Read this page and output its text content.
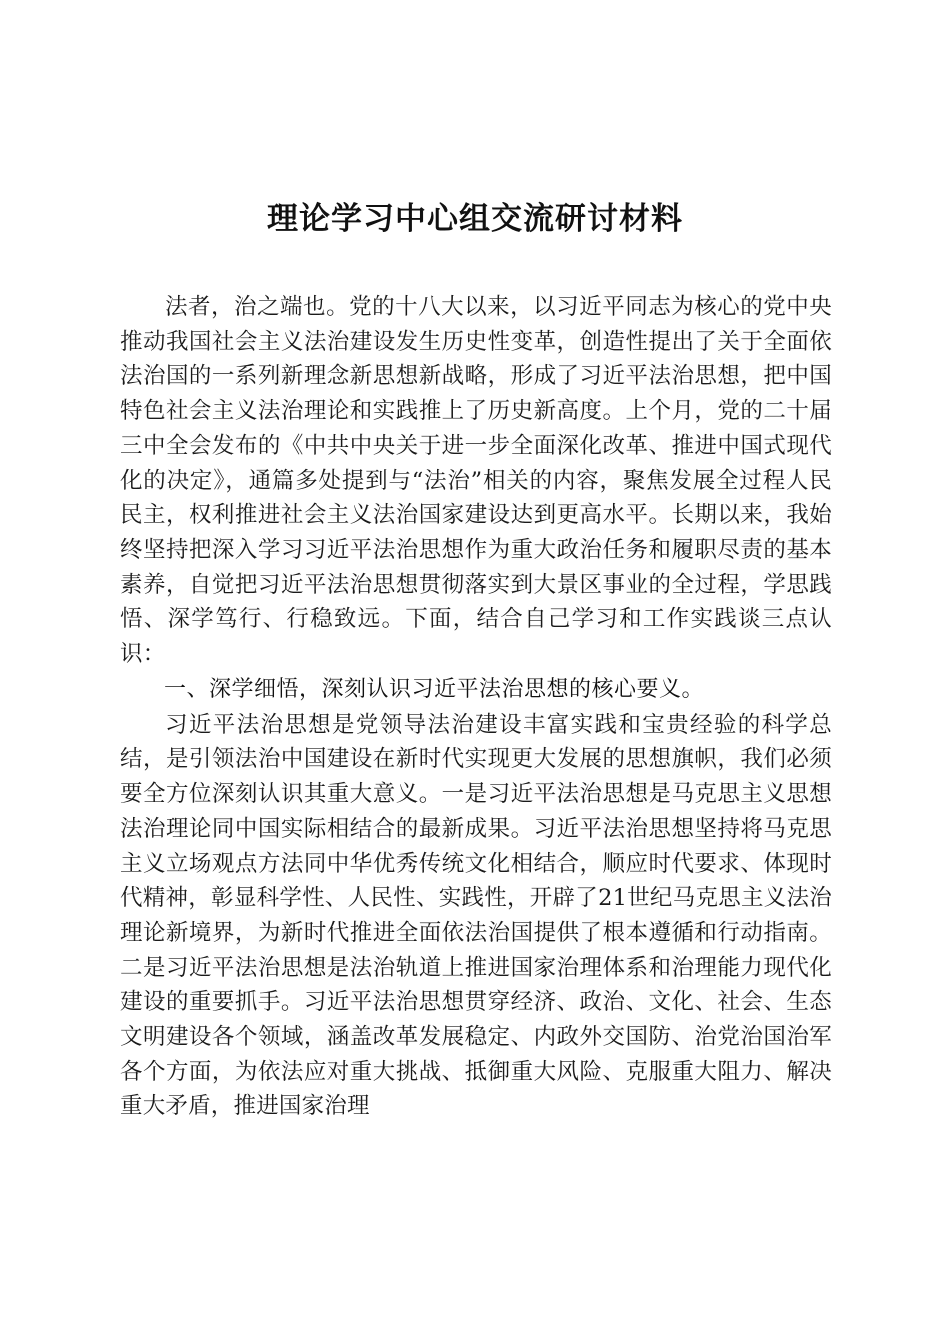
理论学习中心组交流研讨材料

法者，治之端也。党的十八大以来，以习近平同志为核心的党中央推动我国社会主义法治建设发生历史性变革，创造性提出了关于全面依法治国的一系列新理念新思想新战略，形成了习近平法治思想，把中国特色社会主义法治理论和实践推上了历史新高度。上个月，党的二十届三中全会发布的《中共中央关于进一步全面深化改革、推进中国式现代化的决定》，通篇多处提到与“法治”相关的内容，聚焦发展全过程人民民主，权利推进社会主义法治国家建设达到更高水平。长期以来，我始终坚持把深入学习习近平法治思想作为重大政治任务和履职尽责的基本素养，自觉把习近平法治思想贯彻落实到大景区事业的全过程，学思践悟、深学笃行、行稳致远。下面，结合自己学习和工作实践谈三点认识：

一、深学细悟，深刻认识习近平法治思想的核心要义。

习近平法治思想是党领导法治建设丰富实践和宝贵经验的科学总结，是引领法治中国建设在新时代实现更大发展的思想旗帜，我们必须要全方位深刻认识其重大意义。一是习近平法治思想是马克思主义思想法治理论同中国实际相结合的最新成果。习近平法治思想坚持将马克思主义立场观点方法同中华优秀传统文化相结合，顺应时代要求、体现时代精神，彰显科学性、人民性、实践性，开辟了21世纪马克思主义法治理论新境界，为新时代推进全面依法治国提供了根本遵循和行动指南。二是习近平法治思想是法治轨道上推进国家治理体系和治理能力现代化建设的重要抓手。习近平法治思想贯穿经济、政治、文化、社会、生态文明建设各个领域，涵盖改革发展稳定、内政外交国防、治党治国治军各个方面，为依法应对重大挑战、抵御重大风险、克服重大阻力、解决重大矛盾，推进国家治理
